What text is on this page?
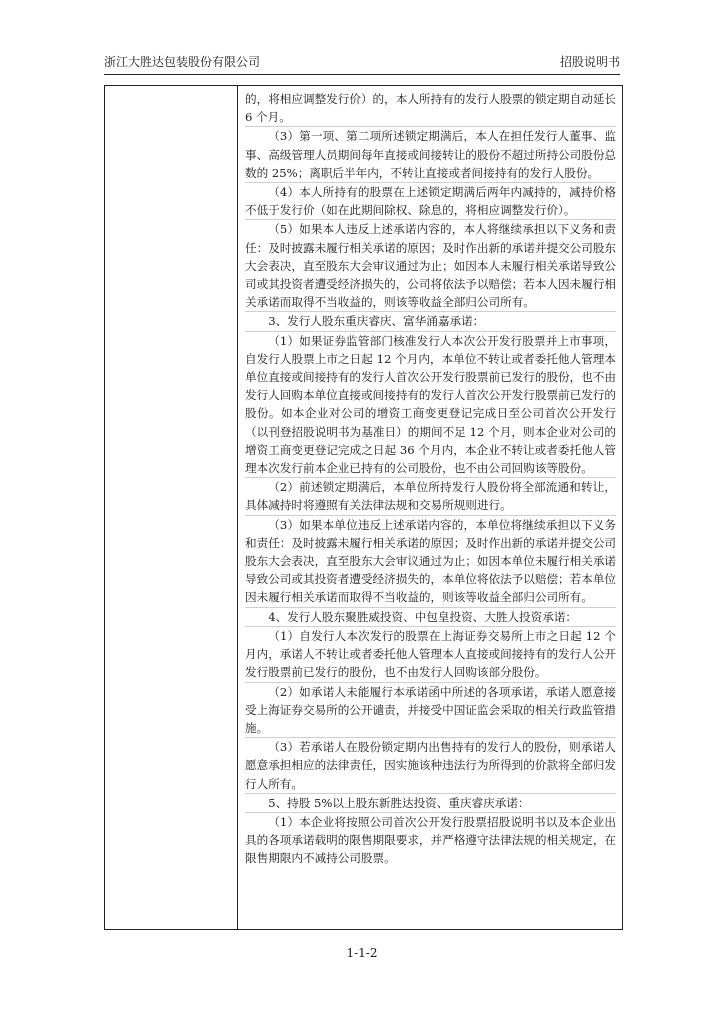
浙江大胜达包装股份有限公司	招股说明书

的，将相应调整发行价）的，本人所持有的发行人股票的锁定期自动延长 6 个月。

（3）第一项、第二项所述锁定期满后，本人在担任发行人董事、监事、高级管理人员期间每年直接或间接转让的股份不超过所持公司股份总数的 25%；离职后半年内，不转让直接或者间接持有的发行人股份。

（4）本人所持有的股票在上述锁定期满后两年内减持的，减持价格不低于发行价（如在此期间除权、除息的，将相应调整发行价）。

（5）如果本人违反上述承诺内容的，本人将继续承担以下义务和责任：及时披露未履行相关承诺的原因；及时作出新的承诺并提交公司股东大会表决，直至股东大会审议通过为止；如因本人未履行相关承诺导致公司或其投资者遭受经济损失的，公司将依法予以赔偿；若本人因未履行相关承诺而取得不当收益的，则该等收益全部归公司所有。

3、发行人股东重庆睿庆、富华涌嘉承诺：

（1）如果证券监管部门核准发行人本次公开发行股票并上市事项，自发行人股票上市之日起 12 个月内，本单位不转让或者委托他人管理本单位直接或间接持有的发行人首次公开发行股票前已发行的股份，也不由发行人回购本单位直接或间接持有的发行人首次公开发行股票前已发行的股份。如本企业对公司的增资工商变更登记完成日至公司首次公开发行（以刊登招股说明书为基准日）的期间不足 12 个月，则本企业对公司的增资工商变更登记完成之日起 36 个月内，本企业不转让或者委托他人管理本次发行前本企业已持有的公司股份，也不由公司回购该等股份。

（2）前述锁定期满后，本单位所持发行人股份将全部流通和转让，具体减持时将遵照有关法律法规和交易所规则进行。

（3）如果本单位违反上述承诺内容的，本单位将继续承担以下义务和责任：及时披露未履行相关承诺的原因；及时作出新的承诺并提交公司股东大会表决，直至股东大会审议通过为止；如因本单位未履行相关承诺导致公司或其投资者遭受经济损失的，本单位将依法予以赔偿；若本单位因未履行相关承诺而取得不当收益的，则该等收益全部归公司所有。

4、发行人股东聚胜威投资、中包皇投资、大胜人投资承诺：

（1）自发行人本次发行的股票在上海证券交易所上市之日起 12 个月内，承诺人不转让或者委托他人管理本人直接或间接持有的发行人公开发行股票前已发行的股份，也不由发行人回购该部分股份。

（2）如承诺人未能履行本承诺函中所述的各项承诺，承诺人愿意接受上海证券交易所的公开谴责，并接受中国证监会采取的相关行政监管措施。

（3）若承诺人在股份锁定期内出售持有的发行人的股份，则承诺人愿意承担相应的法律责任，因实施该种违法行为所得到的价款将全部归发行人所有。

5、持股 5%以上股东新胜达投资、重庆睿庆承诺：

（1）本企业将按照公司首次公开发行股票招股说明书以及本企业出具的各项承诺载明的限售期限要求，并严格遵守法律法规的相关规定，在限售期限内不减持公司股票。

1-1-2
